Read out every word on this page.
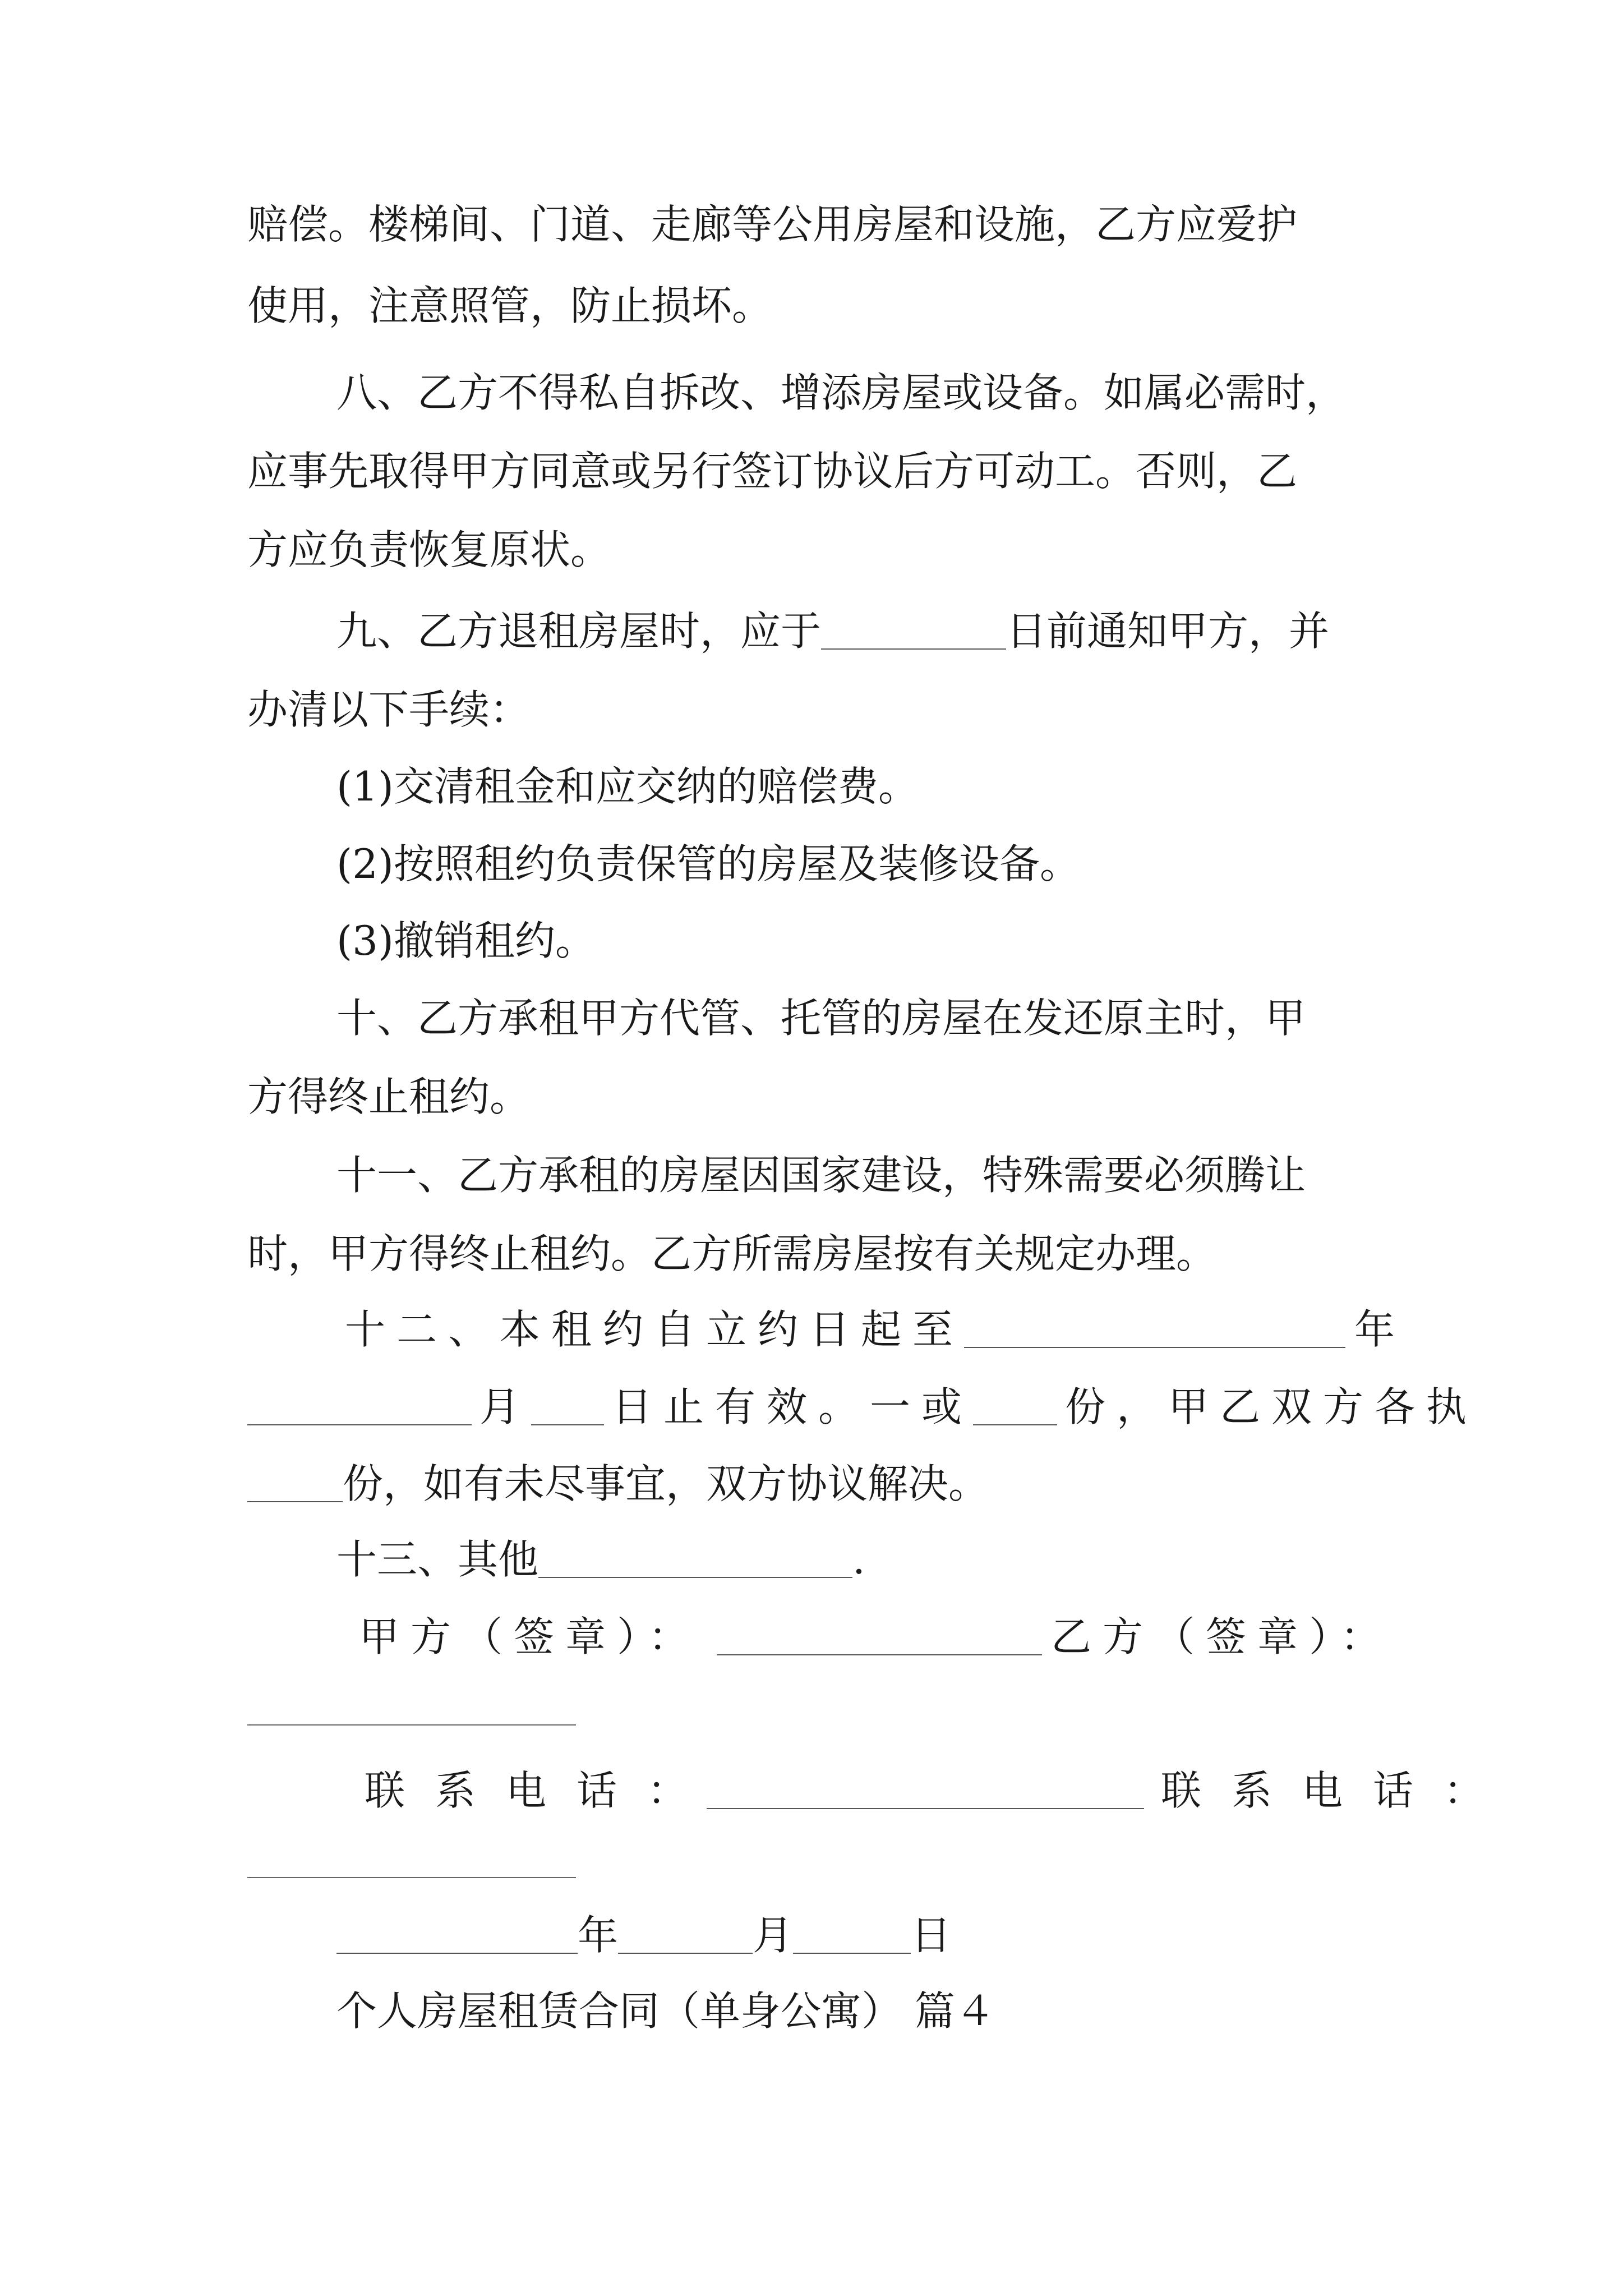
赔偿。楼梯间、门道、走廊等公用房屋和设施，乙方应爱护
使用，注意照管，防止损坏。
八、乙方不得私自拆改、增添房屋或设备。如属必需时，
应事先取得甲方同意或另行签订协议后方可动工。否则，乙
方应负责恢复原状。
九、乙方退租房屋时，应于	日前通知甲方，并
办清以下手续：
(1)交清租金和应交纳的赔偿费。
(2)按照租约负责保管的房屋及装修设备。
(3)撤销租约。
十、乙方承租甲方代管、托管的房屋在发还原主时，甲
方得终止租约。
十一、乙方承租的房屋因国家建设，特殊需要必须腾让
时，甲方得终止租约。乙方所需房屋按有关规定办理。
十二、本租约自立约日起至	年
月 日止有效。一或 份，甲乙双方各执
份，如有未尽事宜，双方协议解决。
十三、其他	.
甲方（签章）：	乙方（签章）：
联系电话：	联系电话：
年	月	日
个人房屋租赁合同（单身公寓） 篇４
